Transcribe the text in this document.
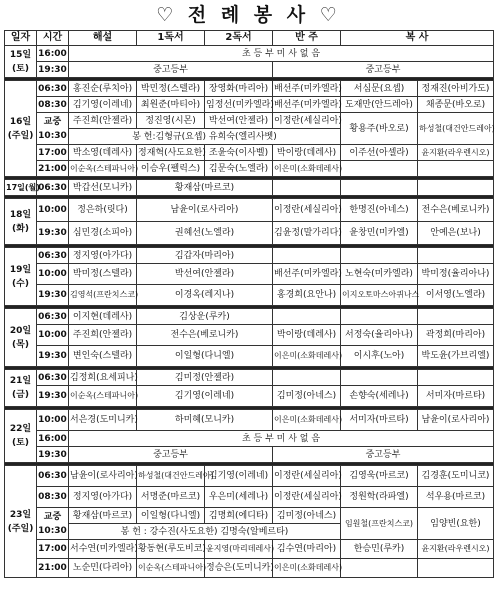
♡ 전 례 봉 사 ♡
일자	시간	해설	1독서	2독서	반 주	복 사	
15일
(토)	16:00	초 등 부 미 사 없 음					
	19:30	중고등부			중고등부		

16일
(주일)	06:30	홍진순(루치아)	박민정(스텔라)	장영화(마리아)	배선주(미카엘라)	서심문(요셉)	정재진(아비가도)
	08:30	김기영(이레네)	최원준(마티아)	임정선(미카엘라)	배선주(미카엘라)	도재만(안드레아)	채종문(바오로)
	교중
10:30	주진희(안젤라)	정진영(시몬)	박선여(안젤라)	이정란(세실리아)	황용주(바오로)	하성철(대건안드레아)
		봉 헌:김형규(요셉) 유희숙(엘리사벳)					
	17:00	박소영(데레사)	정재혁(사도요한)	조윤숙(이사벨)	박이랑(데레사)	이주선(아셀라)	윤지환(라우렌시오)
	21:00	이순옥(스테파니아)	이승우(펠릭스)	김문숙(노엘라)	이은미(소화데레사)		

17일(월)	06:30	박갑선(모니카)	황재삼(마르코)				

18일
(화)	10:00	정은하(릿다)	남윤이(로사리아)		이정란(세실리아)	한명진(아네스)	전수은(베로니카)
	19:30	심민경(소피아)	권혜선(노엘라)		김윤정(말가리다)	윤창민(미카엘)	안예은(보나)

19일
(수)	06:30	정지영(아가다)	김갑자(마리아)				
	10:00	박미정(스텔라)	박선여(안젤라)		배선주(미카엘라)	노현숙(미카엘라)	박미정(율리아나)
	19:30	김영석(프란치스코)	이경옥(레지나)		홍경희(요안나)	이지오토마스아퀴나스	이서영(노엘라)

20일
(목)	06:30	이지현(데레사)	김상운(루카)				
	10:00	주진희(안젤라)	전수은(베로니카)		박이랑(데레사)	서정숙(율리아나)	곽정희(마리아)
	19:30	변인숙(스텔라)	이일형(다니엘)		이은미(소화데레사)	이시후(노아)	박도윤(가브리엘)

21일
(금)	06:30	김정희(요세피나)	김미정(안젤라)				
	19:30	이순옥(스테파니아)	김기영(이레네)		김미정(아네스)	손향숙(세레나)	서미자(마르타)

22일
(토)	10:00	서은경(도미니카)	하미혜(모니카)		이은미(소화데레사)	서미자(마르타)	남윤이(로사리아)
	16:00	초 등 부 미 사 없 음					
	19:30	중고등부			중고등부		

23일
(주일)	06:30	남윤이(로사리아)	하성철(대건안드레아)	김기영(이레네)	이정란(세실리아)	김영욱(마르코)	김경훈(도미니코)
	08:30	정지영(아가다)	서명준(마르코)	우은미(세레나)	이정란(세실리아)	정원학(라파엘)	석우용(마르코)
	교중
10:30	황재삼(마르코)	이일형(다니엘)	김명희(에디타)	김미정(아네스)	임원철(프란치스코)	임양빈(요한)
		봉 헌 : 강수진(사도요한) 김명숙(알베르타)					
	17:00	서수연(미카엘라)	황동현(루도비코)	윤지영(마리데레사)	김수연(마리아)	한승민(루카)	윤지환(라우렌시오)
	21:00	노순민(다리아)	이순옥(스테파니아)	정승은(도미니카)	이은미(소화데레사)		
